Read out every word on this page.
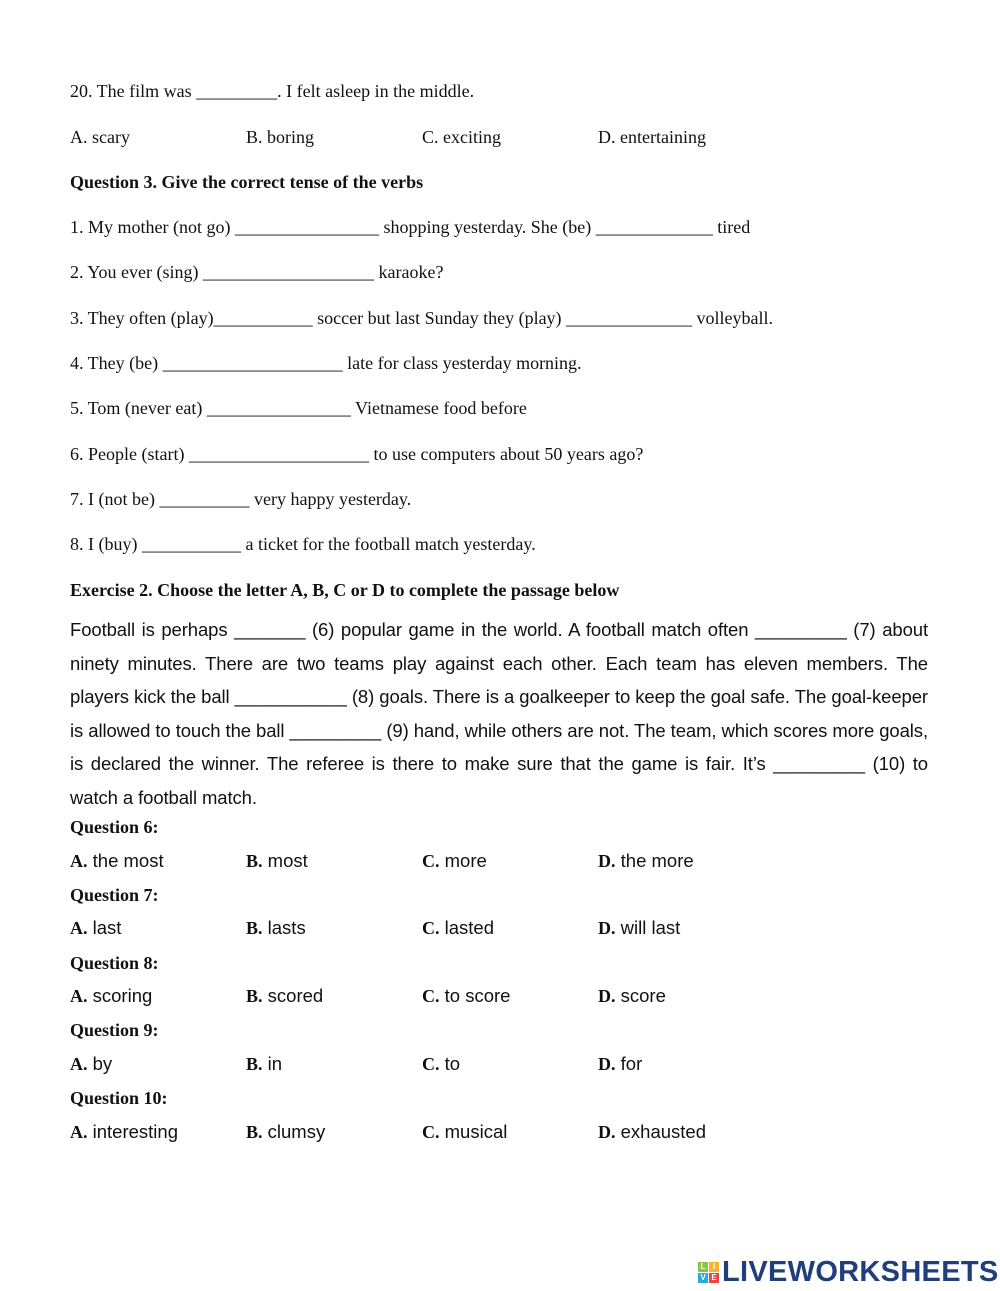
20. The film was _________. I felt asleep in the middle.
A. scary	B. boring	C. exciting	D. entertaining
Question 3. Give the correct tense of the verbs
1. My mother (not go) ________________ shopping yesterday. She (be) _____________ tired
2. You ever (sing) ___________________ karaoke?
3. They often (play)___________ soccer but last Sunday they (play) ______________ volleyball.
4. They (be) ____________________ late for class yesterday morning.
5. Tom (never eat) ________________ Vietnamese food before
6. People (start) ____________________ to use computers about 50 years ago?
7. I (not be) __________ very happy yesterday.
8. I (buy) ___________ a ticket for the football match yesterday.
Exercise 2. Choose the letter A, B, C or D to complete the passage below
Football is perhaps _______ (6) popular game in the world. A football match often _________ (7) about ninety minutes. There are two teams play against each other. Each team has eleven members. The players kick the ball ___________ (8) goals. There is a goalkeeper to keep the goal safe. The goal-keeper is allowed to touch the ball _________ (9) hand, while others are not. The team, which scores more goals, is declared the winner. The referee is there to make sure that the game is fair. It’s _________ (10) to watch a football match.
Question 6:
A. the most	B. most	C. more	D. the more
Question 7:
A. last	B. lasts	C. lasted	D. will last
Question 8:
A. scoring	B. scored	C. to score	D. score
Question 9:
A. by	B. in	C. to	D. for
Question 10:
A. interesting	B. clumsy	C. musical	D. exhausted
L I
V E LIVEWORKSHEETS
